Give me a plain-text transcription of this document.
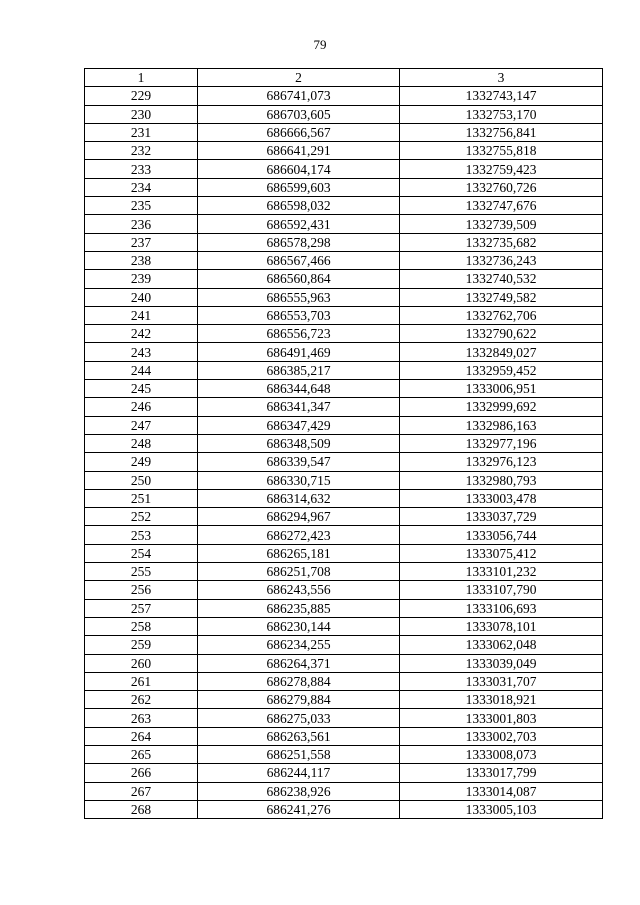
79
1	2	3
229	686741,073	1332743,147
230	686703,605	1332753,170
231	686666,567	1332756,841
232	686641,291	1332755,818
233	686604,174	1332759,423
234	686599,603	1332760,726
235	686598,032	1332747,676
236	686592,431	1332739,509
237	686578,298	1332735,682
238	686567,466	1332736,243
239	686560,864	1332740,532
240	686555,963	1332749,582
241	686553,703	1332762,706
242	686556,723	1332790,622
243	686491,469	1332849,027
244	686385,217	1332959,452
245	686344,648	1333006,951
246	686341,347	1332999,692
247	686347,429	1332986,163
248	686348,509	1332977,196
249	686339,547	1332976,123
250	686330,715	1332980,793
251	686314,632	1333003,478
252	686294,967	1333037,729
253	686272,423	1333056,744
254	686265,181	1333075,412
255	686251,708	1333101,232
256	686243,556	1333107,790
257	686235,885	1333106,693
258	686230,144	1333078,101
259	686234,255	1333062,048
260	686264,371	1333039,049
261	686278,884	1333031,707
262	686279,884	1333018,921
263	686275,033	1333001,803
264	686263,561	1333002,703
265	686251,558	1333008,073
266	686244,117	1333017,799
267	686238,926	1333014,087
268	686241,276	1333005,103
